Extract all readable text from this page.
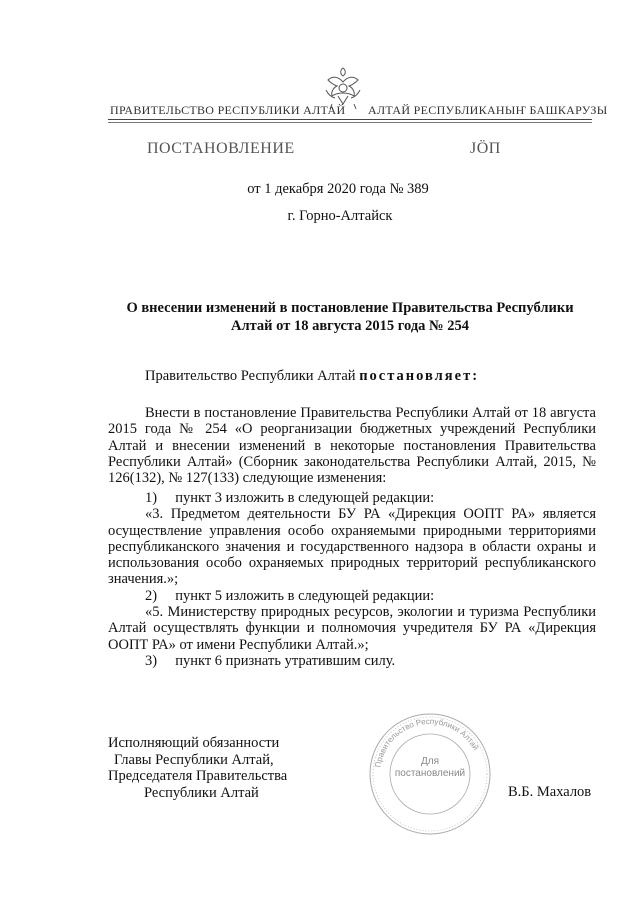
ПРАВИТЕЛЬСТВО РЕСПУБЛИКИ АЛТАЙ АЛТАЙ РЕСПУБЛИКАНЫҤ БАШКАРУЗЫ
ПОСТАНОВЛЕНИЕ	JÖП
от 1 декабря 2020 года № 389
г. Горно-Алтайск
О внесении изменений в постановление Правительства Республики
Алтай от 18 августа 2015 года № 254
Правительство Республики Алтай постановляет:

Внести в постановление Правительства Республики Алтай от 18 августа 2015 года № 254 «О реорганизации бюджетных учреждений Республики Алтай и внесении изменений в некоторые постановления Правительства Республики Алтай» (Сборник законодательства Республики Алтай, 2015, № 126(132), № 127(133) следующие изменения:

1) пункт 3 изложить в следующей редакции:

«3. Предметом деятельности БУ РА «Дирекция ООПТ РА» является осуществление управления особо охраняемыми природными территориями республиканского значения и государственного надзора в области охраны и использования особо охраняемых природных территорий республиканского значения.»;

2) пункт 5 изложить в следующей редакции:

«5. Министерству природных ресурсов, экологии и туризма Республики Алтай осуществлять функции и полномочия учредителя БУ РА «Дирекция ООПТ РА» от имени Республики Алтай.»;

3) пункт 6 признать утратившим силу.

Исполняющий обязанности
Главы Республики Алтай,
Председателя Правительства
Республики Алтай
Правительство Республики Алтай
Для
постановлений
В.Б. Махалов
